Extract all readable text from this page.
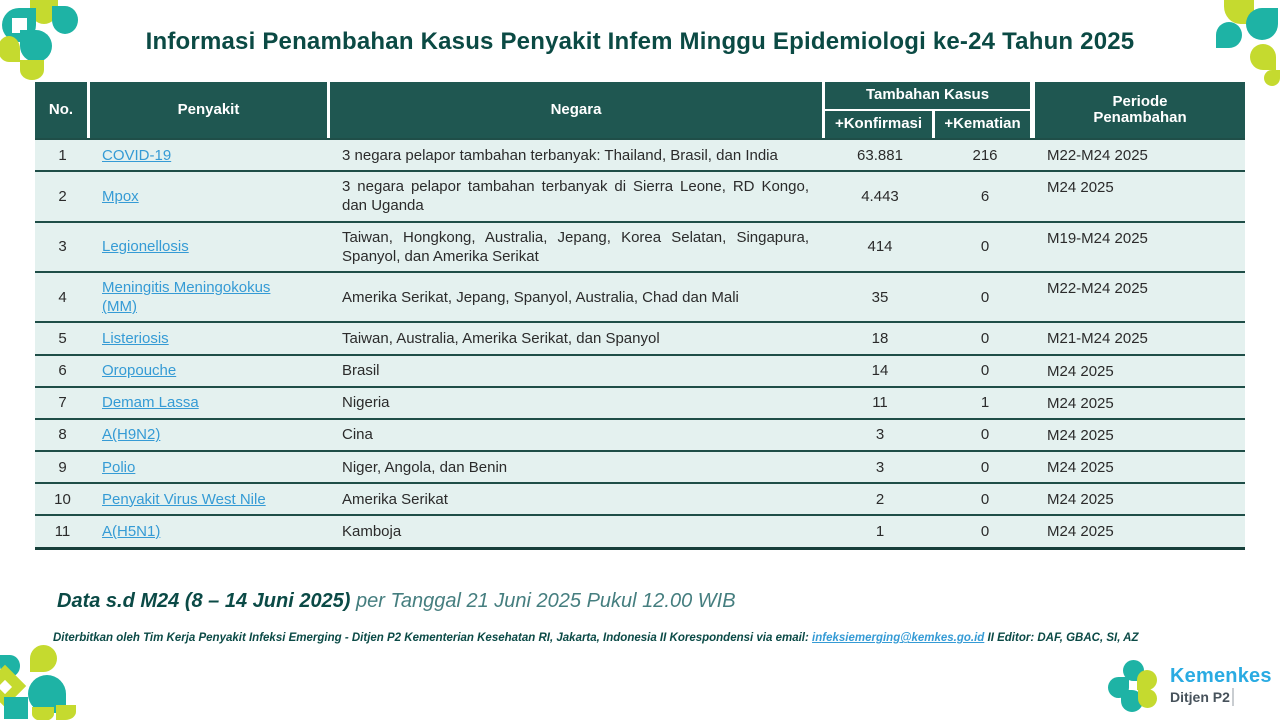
Informasi Penambahan Kasus Penyakit Infem Minggu Epidemiologi ke-24 Tahun 2025
No.	Penyakit	Negara
Tambahan Kasus
+Konfirmasi	+Kematian
Periode Penambahan
1	COVID-19	3 negara pelapor tambahan terbanyak: Thailand, Brasil, dan India	63.881	216	M22-M24 2025
2	Mpox	3 negara pelapor tambahan terbanyak di Sierra Leone, RD Kongo, dan Uganda	4.443	6	M24 2025
3	Legionellosis	Taiwan, Hongkong, Australia, Jepang, Korea Selatan, Singapura, Spanyol, dan Amerika Serikat	414	0	M19-M24 2025
4	Meningitis Meningokokus (MM)	Amerika Serikat, Jepang, Spanyol, Australia, Chad dan Mali	35	0	M22-M24 2025
5	Listeriosis	Taiwan, Australia, Amerika Serikat, dan Spanyol	18	0	M21-M24 2025
6	Oropouche	Brasil	14	0	M24 2025
7	Demam Lassa	Nigeria	11	1	M24 2025
8	A(H9N2)	Cina	3	0	M24 2025
9	Polio	Niger, Angola, dan Benin	3	0	M24 2025
10	Penyakit Virus West Nile	Amerika Serikat	2	0	M24 2025
11	A(H5N1)	Kamboja	1	0	M24 2025
Data s.d M24 (8 – 14 Juni 2025) per Tanggal 21 Juni 2025 Pukul 12.00 WIB
Diterbitkan oleh Tim Kerja Penyakit Infeksi Emerging - Ditjen P2 Kementerian Kesehatan RI, Jakarta, Indonesia II Korespondensi via email: infeksiemerging@kemkes.go.id II Editor: DAF, GBAC, SI, AZ
Kemenkes
Ditjen P2
